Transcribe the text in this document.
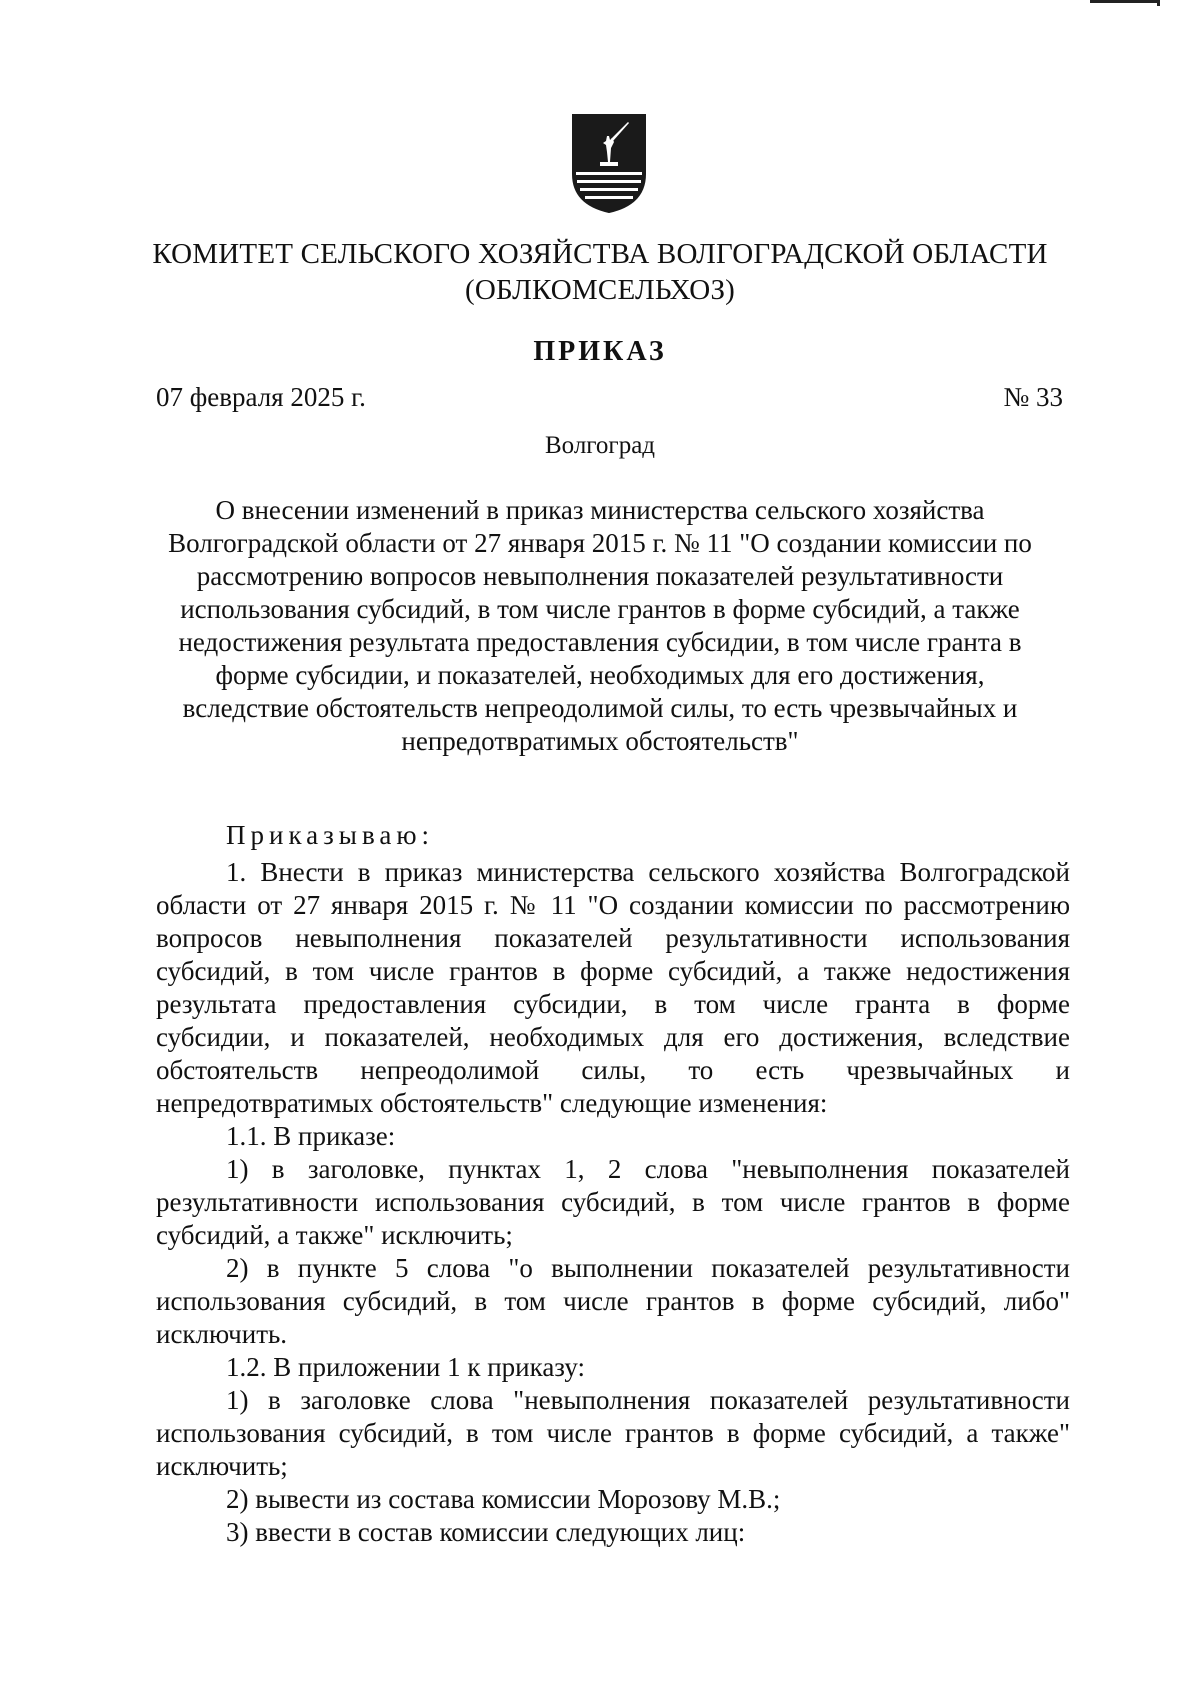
КОМИТЕТ СЕЛЬСКОГО ХОЗЯЙСТВА ВОЛГОГРАДСКОЙ ОБЛАСТИ
(ОБЛКОМСЕЛЬХОЗ)
ПРИКАЗ
07 февраля 2025 г.	№ 33
Волгоград
О внесении изменений в приказ министерства сельского хозяйства
Волгоградской области от 27 января 2015 г. № 11 "О создании комиссии по
рассмотрению вопросов невыполнения показателей результативности
использования субсидий, в том числе грантов в форме субсидий, а также
недостижения результата предоставления субсидии, в том числе гранта в
форме субсидии, и показателей, необходимых для его достижения,
вследствие обстоятельств непреодолимой силы, то есть чрезвычайных и
непредотвратимых обстоятельств"
Приказываю:
1. Внести в приказ министерства сельского хозяйства Волгоградской
области от 27 января 2015 г. № 11 "О создании комиссии по рассмотрению
вопросов невыполнения показателей результативности использования
субсидий, в том числе грантов в форме субсидий, а также недостижения
результата предоставления субсидии, в том числе гранта в форме
субсидии, и показателей, необходимых для его достижения, вследствие
обстоятельств непреодолимой силы, то есть чрезвычайных и
непредотвратимых обстоятельств" следующие изменения:
1.1. В приказе:
1) в заголовке, пунктах 1, 2 слова "невыполнения показателей
результативности использования субсидий, в том числе грантов в форме
субсидий, а также" исключить;
2) в пункте 5 слова "о выполнении показателей результативности
использования субсидий, в том числе грантов в форме субсидий, либо"
исключить.
1.2. В приложении 1 к приказу:
1) в заголовке слова "невыполнения показателей результативности
использования субсидий, в том числе грантов в форме субсидий, а также"
исключить;
2) вывести из состава комиссии Морозову М.В.;
3) ввести в состав комиссии следующих лиц:
